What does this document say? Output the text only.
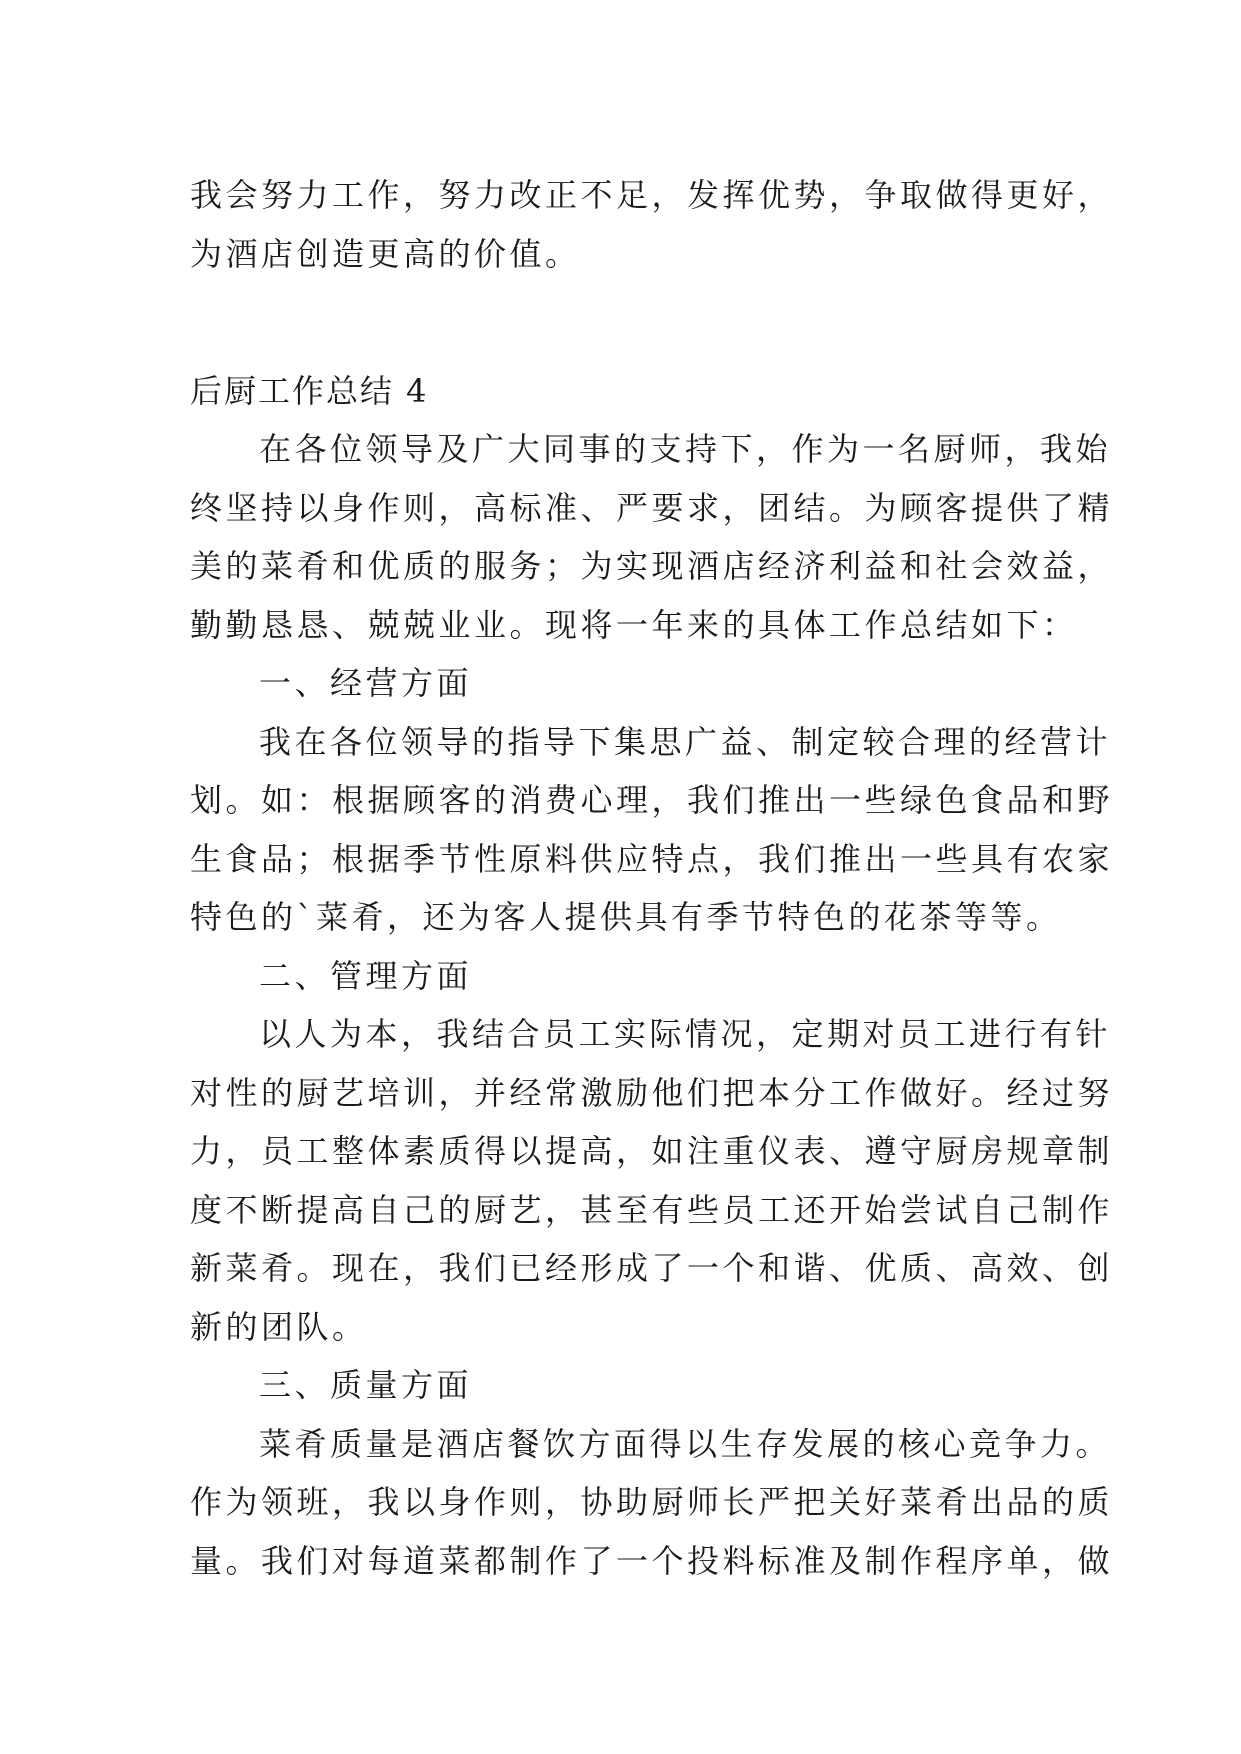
我会努力工作，努力改正不足，发挥优势，争取做得更好，

为酒店创造更高的价值。

后厨工作总结 4

在各位领导及广大同事的支持下，作为一名厨师，我始

终坚持以身作则，高标准、严要求，团结。为顾客提供了精

美的菜肴和优质的服务；为实现酒店经济利益和社会效益，

勤勤恳恳、兢兢业业。现将一年来的具体工作总结如下：

一、经营方面

我在各位领导的指导下集思广益、制定较合理的经营计

划。如：根据顾客的消费心理，我们推出一些绿色食品和野

生食品；根据季节性原料供应特点，我们推出一些具有农家

特色的`菜肴，还为客人提供具有季节特色的花茶等等。

二、管理方面

以人为本，我结合员工实际情况，定期对员工进行有针

对性的厨艺培训，并经常激励他们把本分工作做好。经过努

力，员工整体素质得以提高，如注重仪表、遵守厨房规章制

度不断提高自己的厨艺，甚至有些员工还开始尝试自己制作

新菜肴。现在，我们已经形成了一个和谐、优质、高效、创

新的团队。

三、质量方面

菜肴质量是酒店餐饮方面得以生存发展的核心竞争力。

作为领班，我以身作则，协助厨师长严把关好菜肴出品的质

量。我们对每道菜都制作了一个投料标准及制作程序单，做
